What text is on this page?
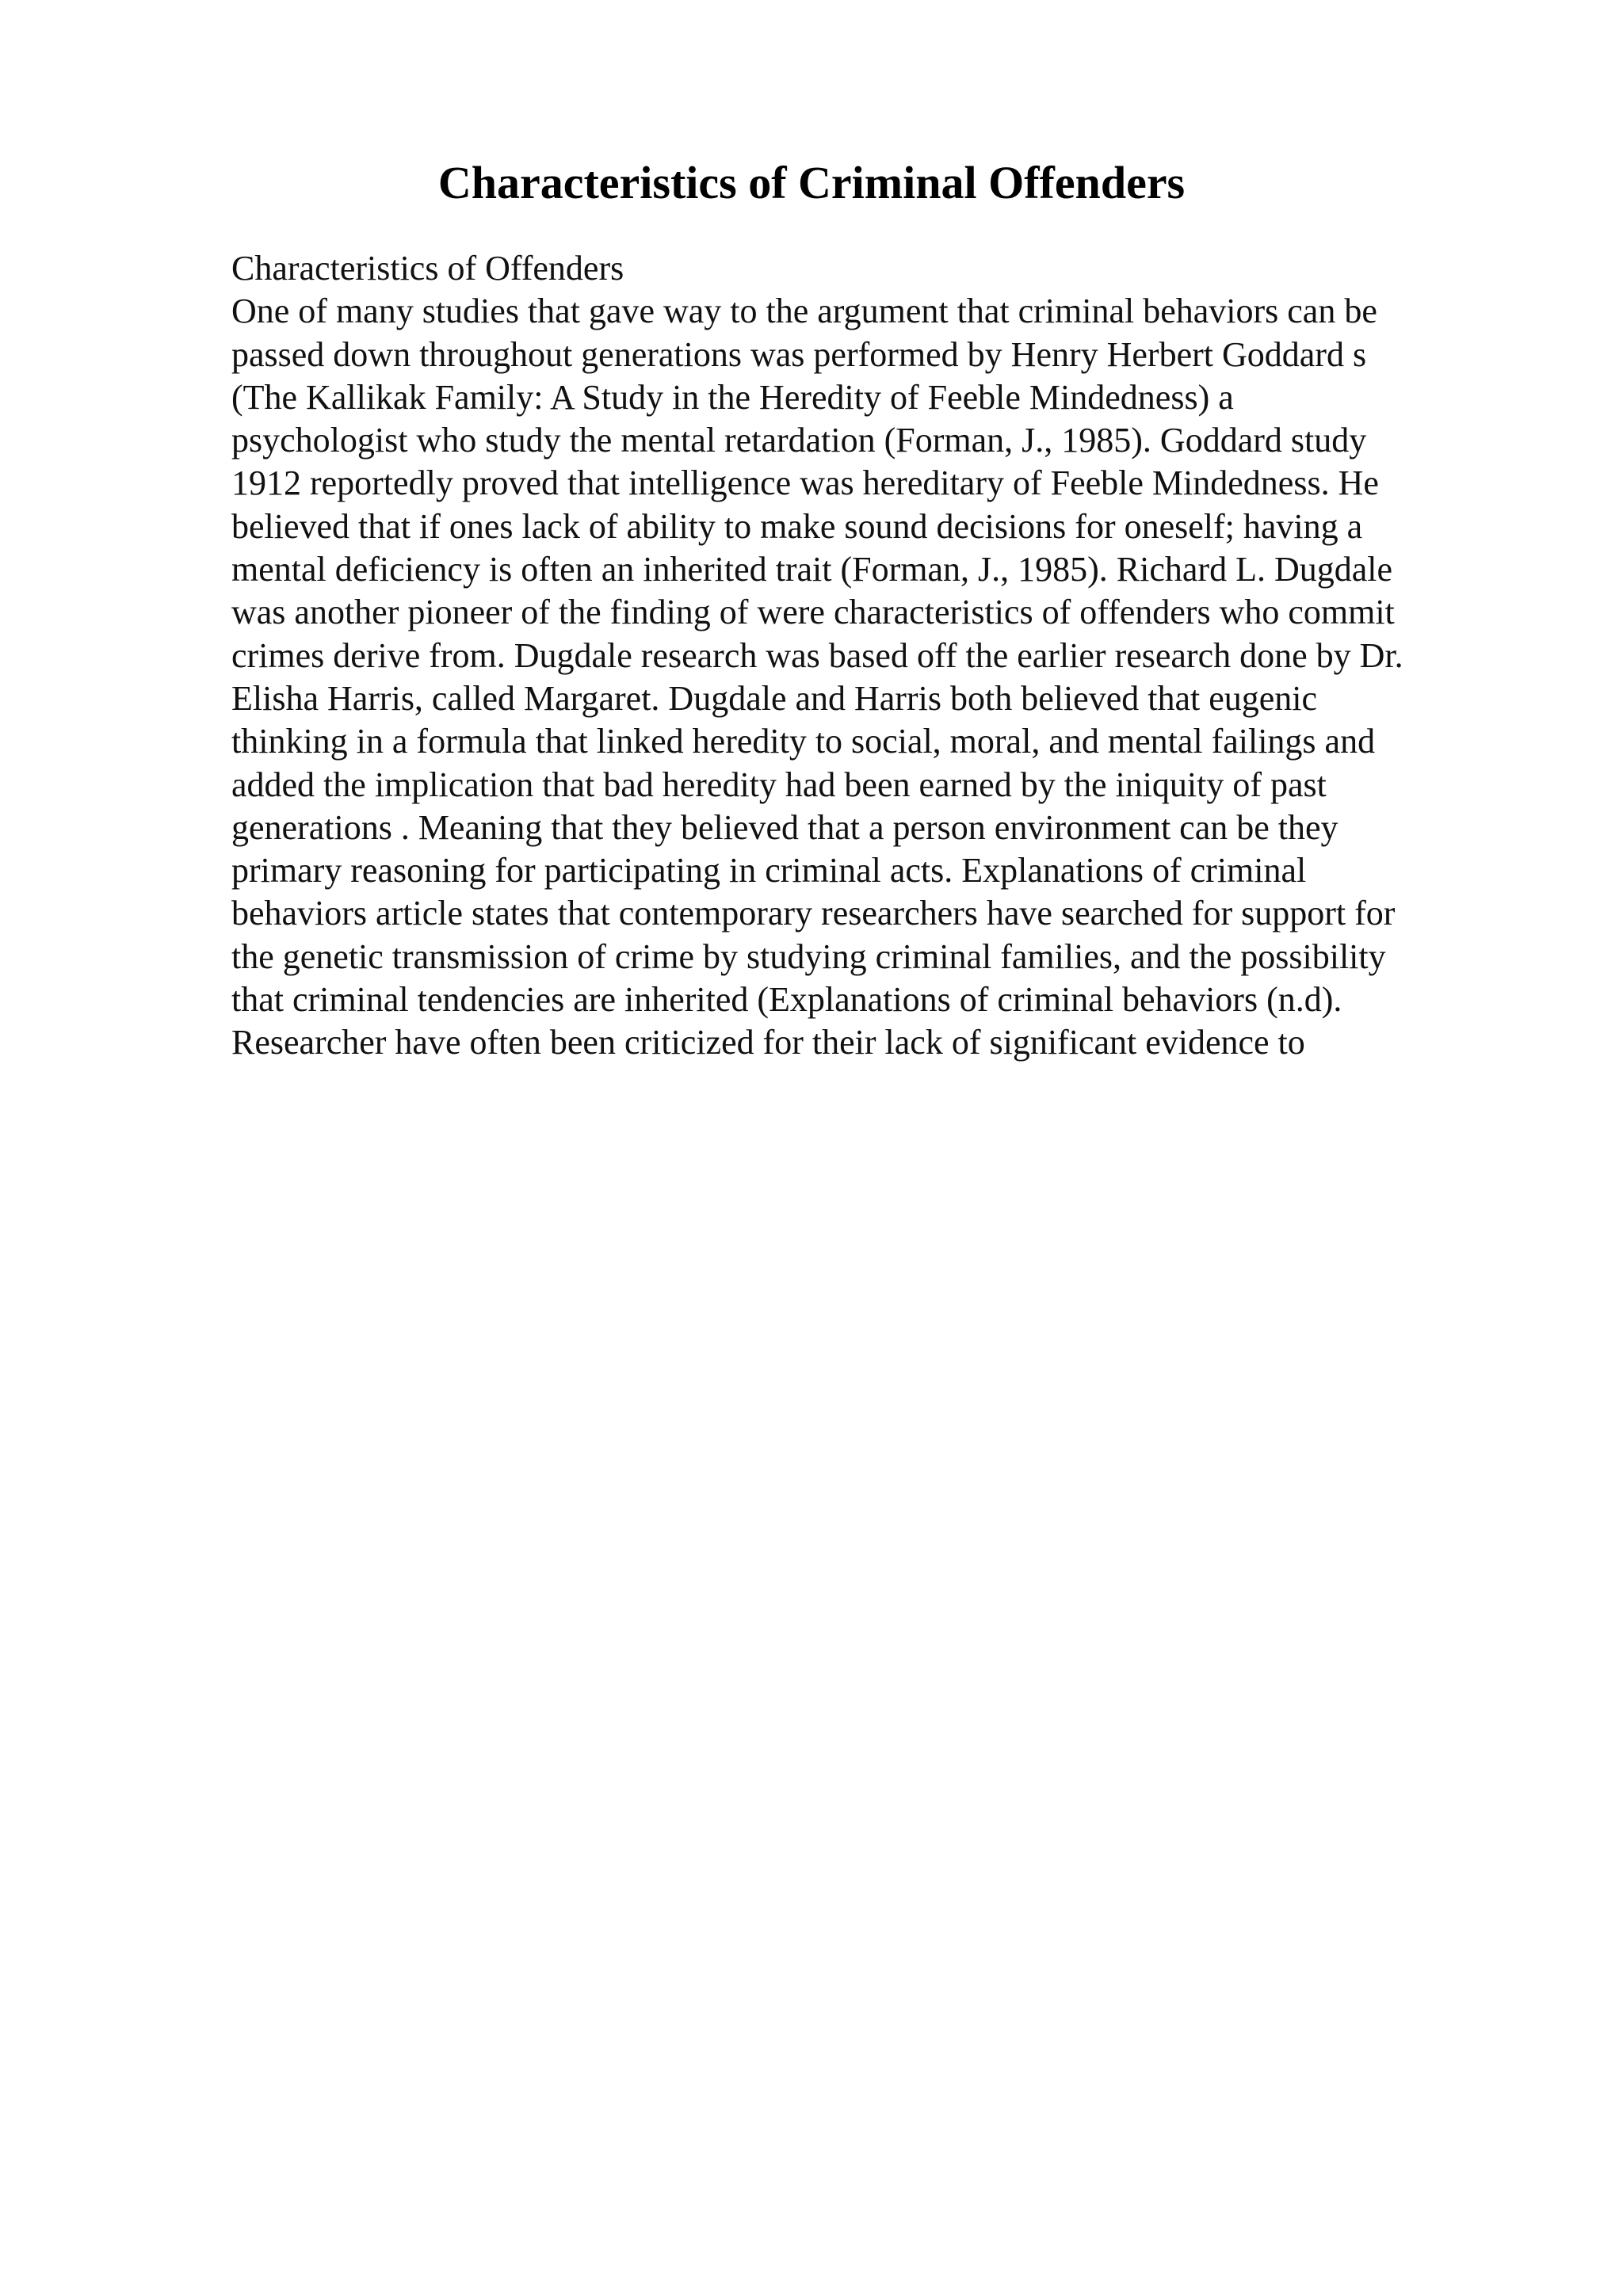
Characteristics of Criminal Offenders
Characteristics of Offenders
One of many studies that gave way to the argument that criminal behaviors can be
passed down throughout generations was performed by Henry Herbert Goddard s
(The Kallikak Family: A Study in the Heredity of Feeble Mindedness) a
psychologist who study the mental retardation (Forman, J., 1985). Goddard study
1912 reportedly proved that intelligence was hereditary of Feeble Mindedness. He
believed that if ones lack of ability to make sound decisions for oneself; having a
mental deficiency is often an inherited trait (Forman, J., 1985). Richard L. Dugdale
was another pioneer of the finding of were characteristics of offenders who commit
crimes derive from. Dugdale research was based off the earlier research done by Dr.
Elisha Harris, called Margaret. Dugdale and Harris both believed that eugenic
thinking in a formula that linked heredity to social, moral, and mental failings and
added the implication that bad heredity had been earned by the iniquity of past
generations . Meaning that they believed that a person environment can be they
primary reasoning for participating in criminal acts. Explanations of criminal
behaviors article states that contemporary researchers have searched for support for
the genetic transmission of crime by studying criminal families, and the possibility
that criminal tendencies are inherited (Explanations of criminal behaviors (n.d).
Researcher have often been criticized for their lack of significant evidence to
